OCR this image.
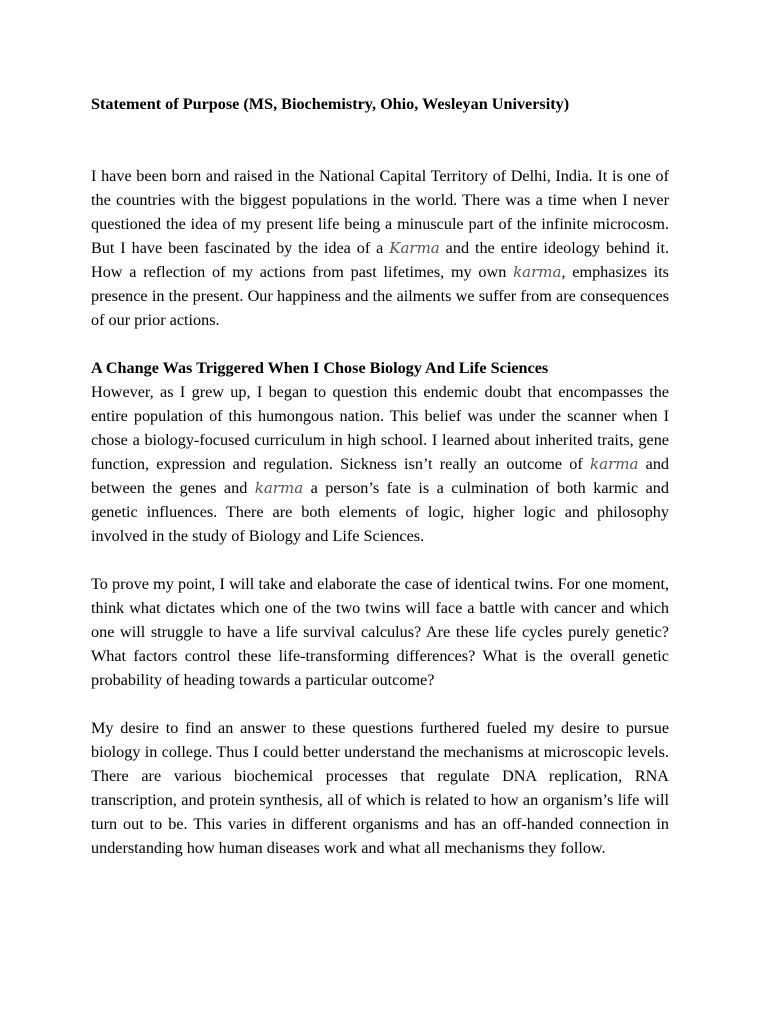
Statement of Purpose (MS, Biochemistry, Ohio, Wesleyan University)
I have been born and raised in the National Capital Territory of Delhi, India. It is one of the countries with the biggest populations in the world. There was a time when I never questioned the idea of my present life being a minuscule part of the infinite microcosm. But I have been fascinated by the idea of a Karma and the entire ideology behind it. How a reflection of my actions from past lifetimes, my own karma, emphasizes its presence in the present. Our happiness and the ailments we suffer from are consequences of our prior actions.
A Change Was Triggered When I Chose Biology And Life Sciences
However, as I grew up, I began to question this endemic doubt that encompasses the entire population of this humongous nation. This belief was under the scanner when I chose a biology-focused curriculum in high school. I learned about inherited traits, gene function, expression and regulation. Sickness isn’t really an outcome of karma and between the genes and karma a person’s fate is a culmination of both karmic and genetic influences. There are both elements of logic, higher logic and philosophy involved in the study of Biology and Life Sciences.
To prove my point, I will take and elaborate the case of identical twins. For one moment, think what dictates which one of the two twins will face a battle with cancer and which one will struggle to have a life survival calculus? Are these life cycles purely genetic? What factors control these life-transforming differences? What is the overall genetic probability of heading towards a particular outcome?
My desire to find an answer to these questions furthered fueled my desire to pursue biology in college. Thus I could better understand the mechanisms at microscopic levels. There are various biochemical processes that regulate DNA replication, RNA transcription, and protein synthesis, all of which is related to how an organism’s life will turn out to be. This varies in different organisms and has an off-handed connection in understanding how human diseases work and what all mechanisms they follow.
